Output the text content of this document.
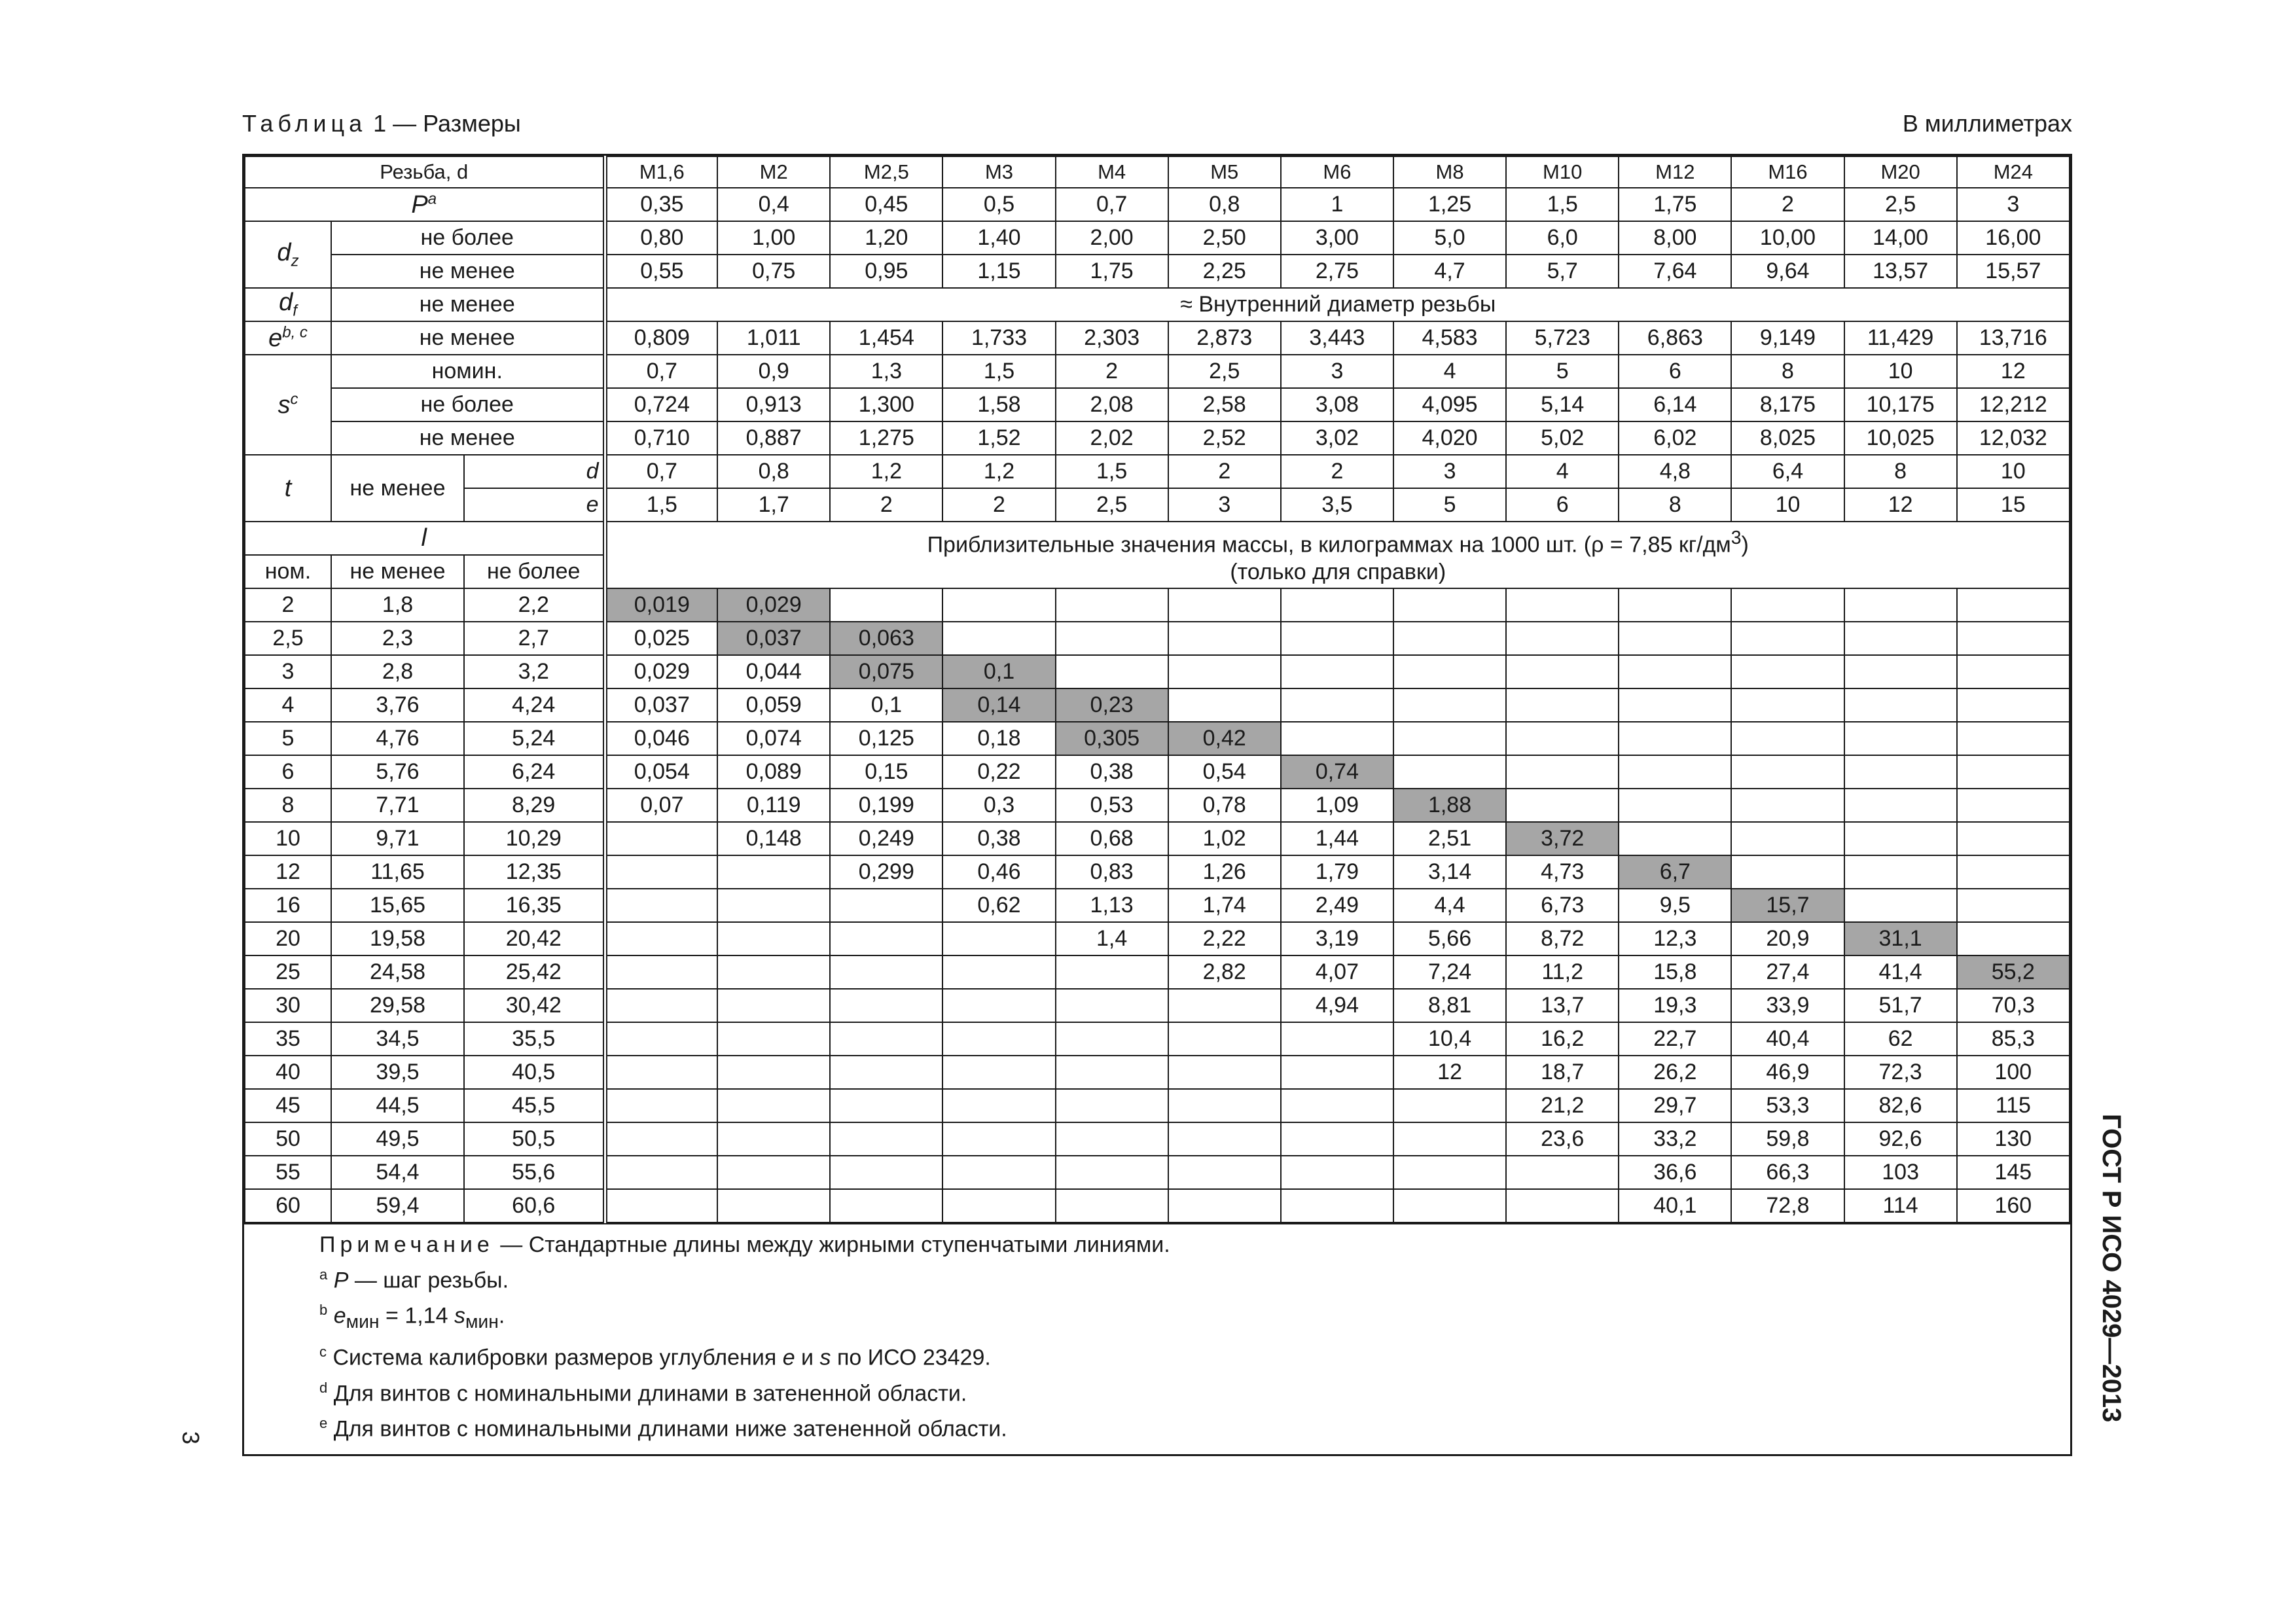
Таблица 1 — Размеры	В миллиметрах
ГОСТ Р ИСО 4029—2013
3
Резьба, d			M1,6	M2	M2,5	M3	M4	M5	M6	M8	M10	M12	M16	M20	M24
$P^a$			0,35	0,4	0,45	0,5	0,7	0,8	1	1,25	1,5	1,75	2	2,5	3
$d_z$	не более		0,80	1,00	1,20	1,40	2,00	2,50	3,00	5,0	6,0	8,00	10,00	14,00	16,00
	не менее		0,55	0,75	0,95	1,15	1,75	2,25	2,75	4,7	5,7	7,64	9,64	13,57	15,57
$d_f$	не менее		≈ Внутренний диаметр резьбы												
$e^{b, c}$	не менее		0,809	1,011	1,454	1,733	2,303	2,873	3,443	4,583	5,723	6,863	9,149	11,429	13,716
$s^c$	номин.		0,7	0,9	1,3	1,5	2	2,5	3	4	5	6	8	10	12
	не более		0,724	0,913	1,300	1,58	2,08	2,58	3,08	4,095	5,14	6,14	8,175	10,175	12,212
	не менее		0,710	0,887	1,275	1,52	2,02	2,52	3,02	4,020	5,02	6,02	8,025	10,025	12,032
t	не менее	d	0,7	0,8	1,2	1,2	1,5	2	2	3	4	4,8	6,4	8	10
		e	1,5	1,7	2	2	2,5	3	3,5	5	6	8	10	12	15
l			Приблизительные значения массы, в килограммах на 1000 шт. (ρ = 7,85 $кг/дм^3$)
(только для справки)												
ном.	не менее	не более													
2	1,8	2,2	0,019	0,029											
2,5	2,3	2,7	0,025	0,037	0,063										
3	2,8	3,2	0,029	0,044	0,075	0,1									
4	3,76	4,24	0,037	0,059	0,1	0,14	0,23								
5	4,76	5,24	0,046	0,074	0,125	0,18	0,305	0,42							
6	5,76	6,24	0,054	0,089	0,15	0,22	0,38	0,54	0,74						
8	7,71	8,29	0,07	0,119	0,199	0,3	0,53	0,78	1,09	1,88					
10	9,71	10,29		0,148	0,249	0,38	0,68	1,02	1,44	2,51	3,72				
12	11,65	12,35			0,299	0,46	0,83	1,26	1,79	3,14	4,73	6,7			
16	15,65	16,35				0,62	1,13	1,74	2,49	4,4	6,73	9,5	15,7		
20	19,58	20,42					1,4	2,22	3,19	5,66	8,72	12,3	20,9	31,1	
25	24,58	25,42						2,82	4,07	7,24	11,2	15,8	27,4	41,4	55,2
30	29,58	30,42							4,94	8,81	13,7	19,3	33,9	51,7	70,3
35	34,5	35,5								10,4	16,2	22,7	40,4	62	85,3
40	39,5	40,5								12	18,7	26,2	46,9	72,3	100
45	44,5	45,5									21,2	29,7	53,3	82,6	115
50	49,5	50,5									23,6	33,2	59,8	92,6	130
55	54,4	55,6										36,6	66,3	103	145
60	59,4	60,6										40,1	72,8	114	160
Примечание — Стандартные длины между жирными ступенчатыми линиями.
$^a$ P — шаг резьбы.
$^b$ $e_{мин} = 1,14$ $s_{мин}$.
$^c$ Система калибровки размеров углубления e и s по ИСО 23429.
$^d$ Для винтов с номинальными длинами в затененной области.
$^e$ Для винтов с номинальными длинами ниже затененной области.
